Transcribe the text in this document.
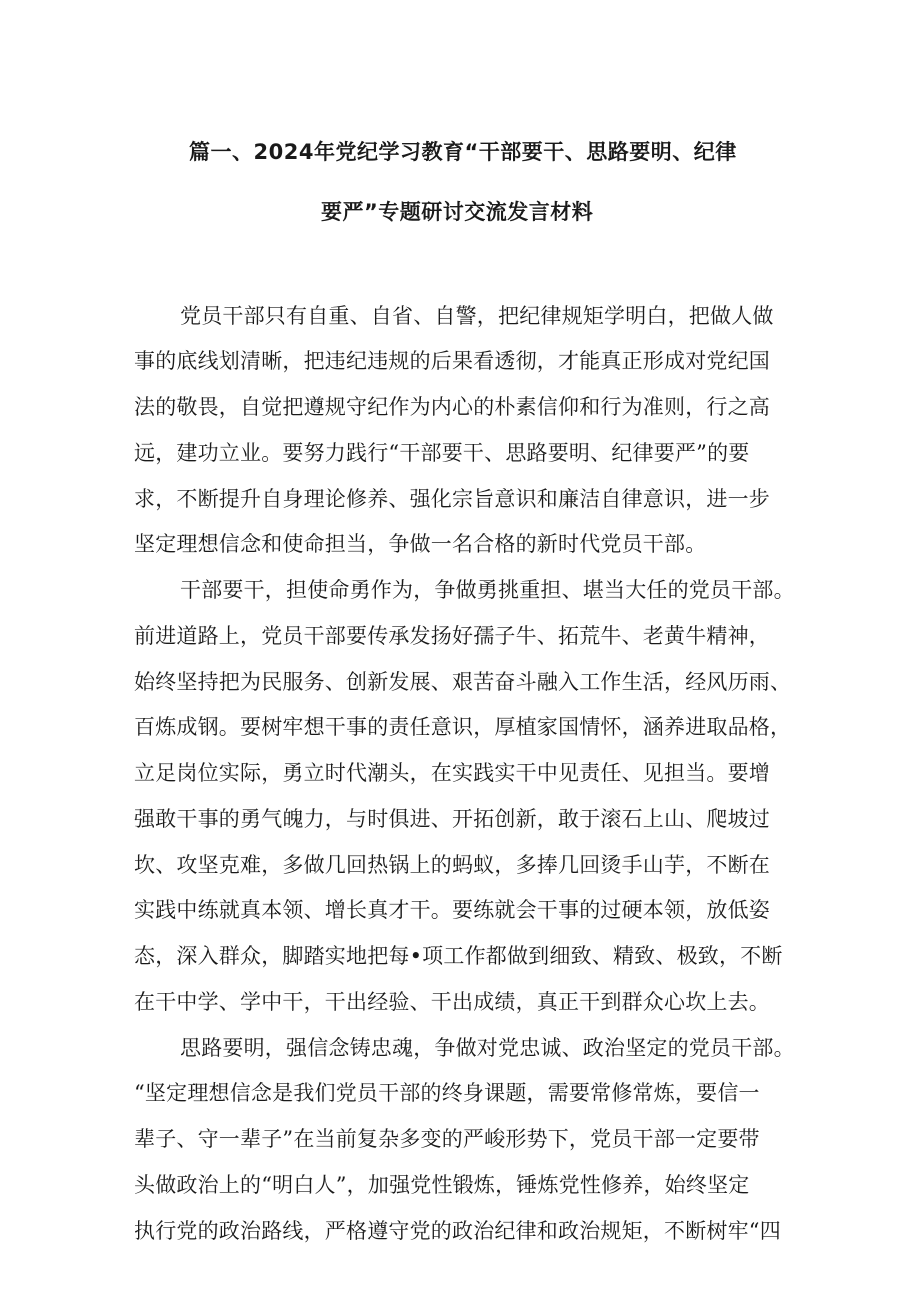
篇一、2024年党纪学习教育“干部要干、思路要明、纪律
要严”专题研讨交流发言材料
党员干部只有自重、自省、自警，把纪律规矩学明白，把做人做
事的底线划清晰，把违纪违规的后果看透彻，才能真正形成对党纪国
法的敬畏，自觉把遵规守纪作为内心的朴素信仰和行为准则，行之高
远，建功立业。要努力践行“干部要干、思路要明、纪律要严”的要
求，不断提升自身理论修养、强化宗旨意识和廉洁自律意识，进一步
坚定理想信念和使命担当，争做一名合格的新时代党员干部。
干部要干，担使命勇作为，争做勇挑重担、堪当大任的党员干部。
前进道路上，党员干部要传承发扬好孺子牛、拓荒牛、老黄牛精神，
始终坚持把为民服务、创新发展、艰苦奋斗融入工作生活，经风历雨、
百炼成钢。要树牢想干事的责任意识，厚植家国情怀，涵养进取品格，
立足岗位实际，勇立时代潮头，在实践实干中见责任、见担当。要增
强敢干事的勇气魄力，与时俱进、开拓创新，敢于滚石上山、爬坡过
坎、攻坚克难，多做几回热锅上的蚂蚁，多捧几回烫手山芋，不断在
实践中练就真本领、增长真才干。要练就会干事的过硬本领，放低姿
态，深入群众，脚踏实地把每•项工作都做到细致、精致、极致，不断
在干中学、学中干，干出经验、干出成绩，真正干到群众心坎上去。
思路要明，强信念铸忠魂，争做对党忠诚、政治坚定的党员干部。
“坚定理想信念是我们党员干部的终身课题，需要常修常炼，要信一
辈子、守一辈子”在当前复杂多变的严峻形势下，党员干部一定要带
头做政治上的“明白人”，加强党性锻炼，锤炼党性修养，始终坚定
执行党的政治路线，严格遵守党的政治纪律和政治规矩，不断树牢“四
